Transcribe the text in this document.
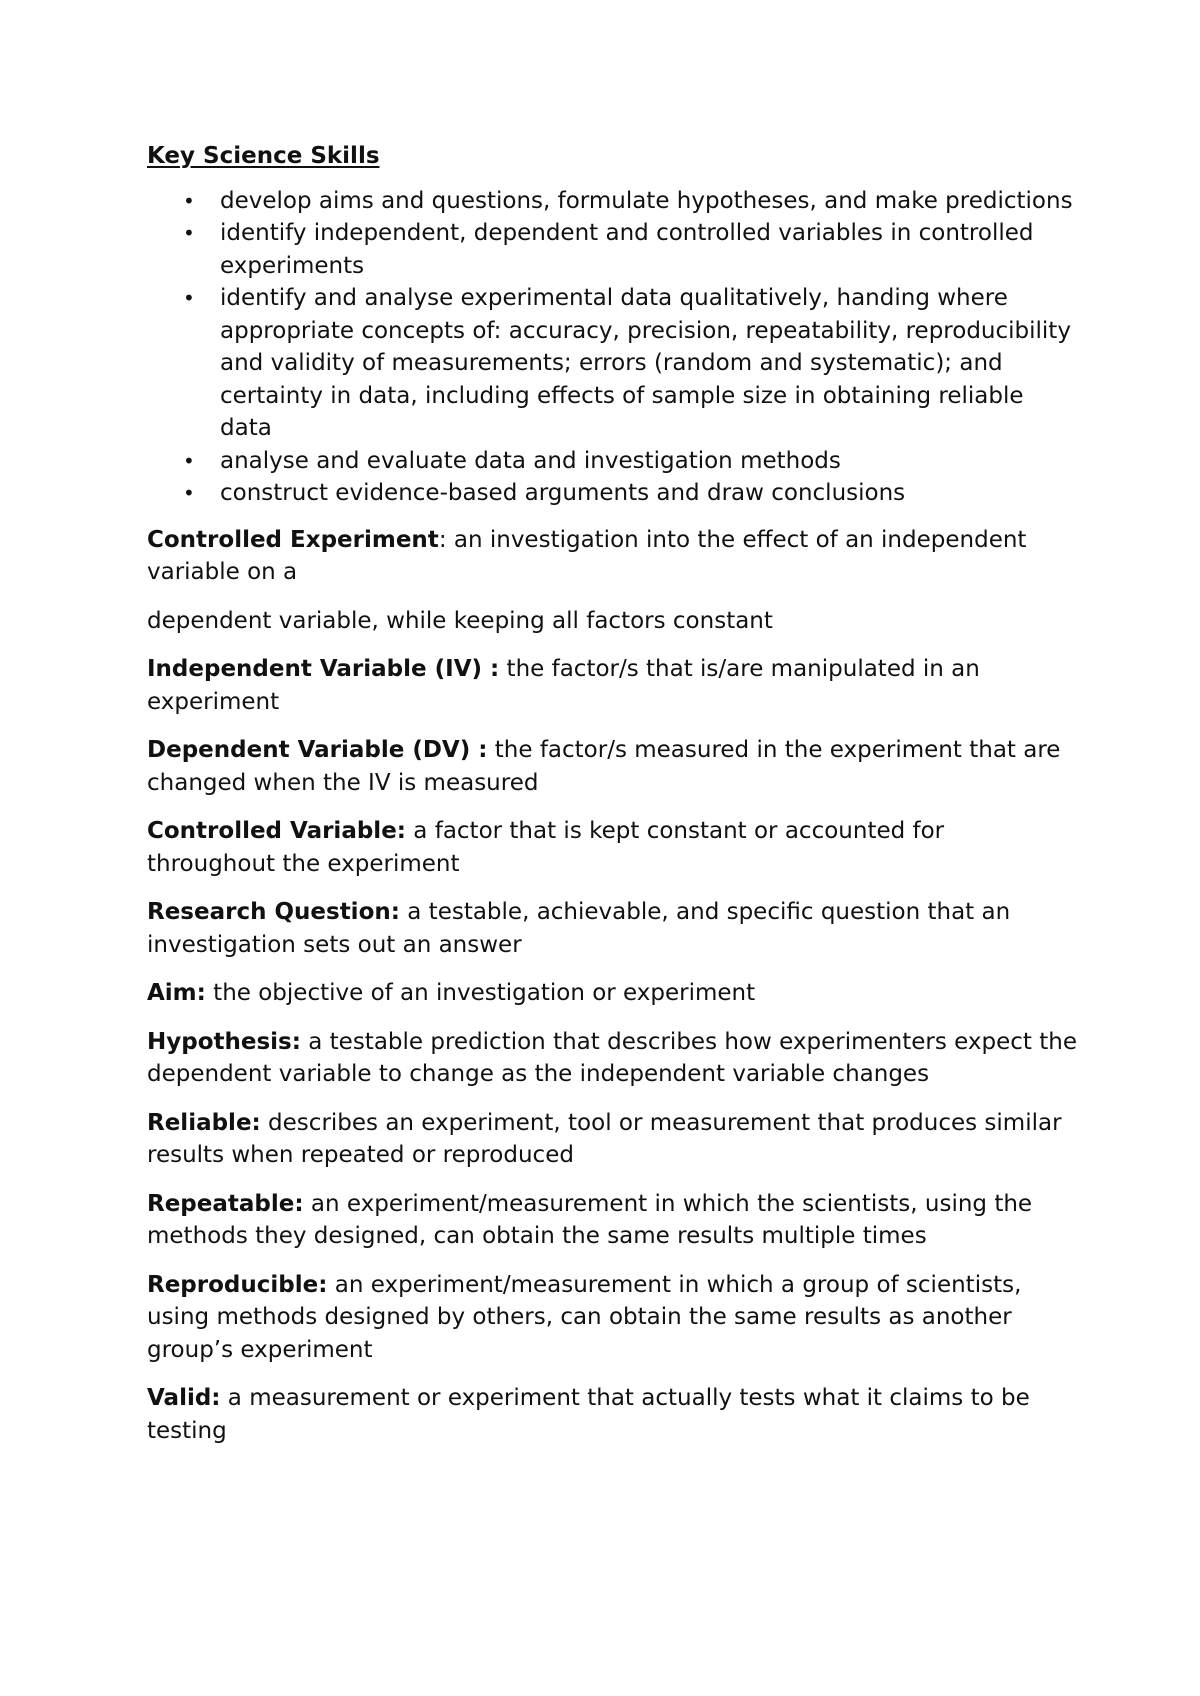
Key Science Skills
• develop aims and questions, formulate hypotheses, and make predictions
• identify independent, dependent and controlled variables in controlled experiments
• identify and analyse experimental data qualitatively, handing where appropriate concepts of: accuracy, precision, repeatability, reproducibility and validity of measurements; errors (random and systematic); and certainty in data, including effects of sample size in obtaining reliable data
• analyse and evaluate data and investigation methods
• construct evidence-based arguments and draw conclusions

Controlled Experiment: an investigation into the effect of an independent variable on a

dependent variable, while keeping all factors constant

Independent Variable (IV) : the factor/s that is/are manipulated in an experiment

Dependent Variable (DV) : the factor/s measured in the experiment that are changed when the IV is measured

Controlled Variable: a factor that is kept constant or accounted for throughout the experiment

Research Question: a testable, achievable, and specific question that an investigation sets out an answer

Aim: the objective of an investigation or experiment

Hypothesis: a testable prediction that describes how experimenters expect the dependent variable to change as the independent variable changes

Reliable: describes an experiment, tool or measurement that produces similar results when repeated or reproduced

Repeatable: an experiment/measurement in which the scientists, using the methods they designed, can obtain the same results multiple times

Reproducible: an experiment/measurement in which a group of scientists, using methods designed by others, can obtain the same results as another group’s experiment

Valid: a measurement or experiment that actually tests what it claims to be testing
